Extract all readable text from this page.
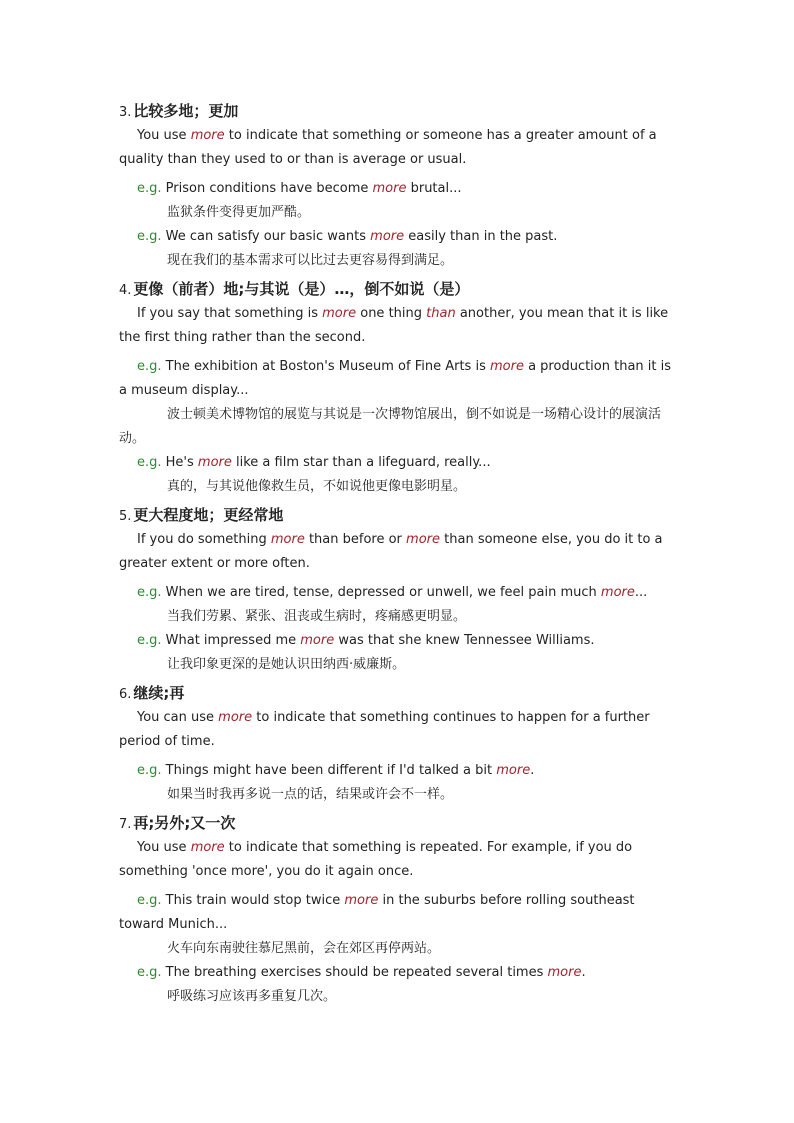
3. 比较多地；更加
You use more to indicate that something or someone has a greater amount of a quality than they used to or than is average or usual.
e.g. Prison conditions have become more brutal...
监狱条件变得更加严酷。
e.g. We can satisfy our basic wants more easily than in the past.
现在我们的基本需求可以比过去更容易得到满足。
4. 更像（前者）地;与其说（是）…，倒不如说（是）
If you say that something is more one thing than another, you mean that it is like the first thing rather than the second.
e.g. The exhibition at Boston's Museum of Fine Arts is more a production than it is a museum display...
波士顿美术博物馆的展览与其说是一次博物馆展出，倒不如说是一场精心设计的展演活动。
e.g. He's more like a film star than a lifeguard, really...
真的，与其说他像救生员，不如说他更像电影明星。
5. 更大程度地；更经常地
If you do something more than before or more than someone else, you do it to a greater extent or more often.
e.g. When we are tired, tense, depressed or unwell, we feel pain much more...
当我们劳累、紧张、沮丧或生病时，疼痛感更明显。
e.g. What impressed me more was that she knew Tennessee Williams.
让我印象更深的是她认识田纳西·威廉斯。
6. 继续;再
You can use more to indicate that something continues to happen for a further period of time.
e.g. Things might have been different if I'd talked a bit more.
如果当时我再多说一点的话，结果或许会不一样。
7. 再;另外;又一次
You use more to indicate that something is repeated. For example, if you do something 'once more', you do it again once.
e.g. This train would stop twice more in the suburbs before rolling southeast toward Munich...
火车向东南驶往慕尼黑前，会在郊区再停两站。
e.g. The breathing exercises should be repeated several times more.
呼吸练习应该再多重复几次。
